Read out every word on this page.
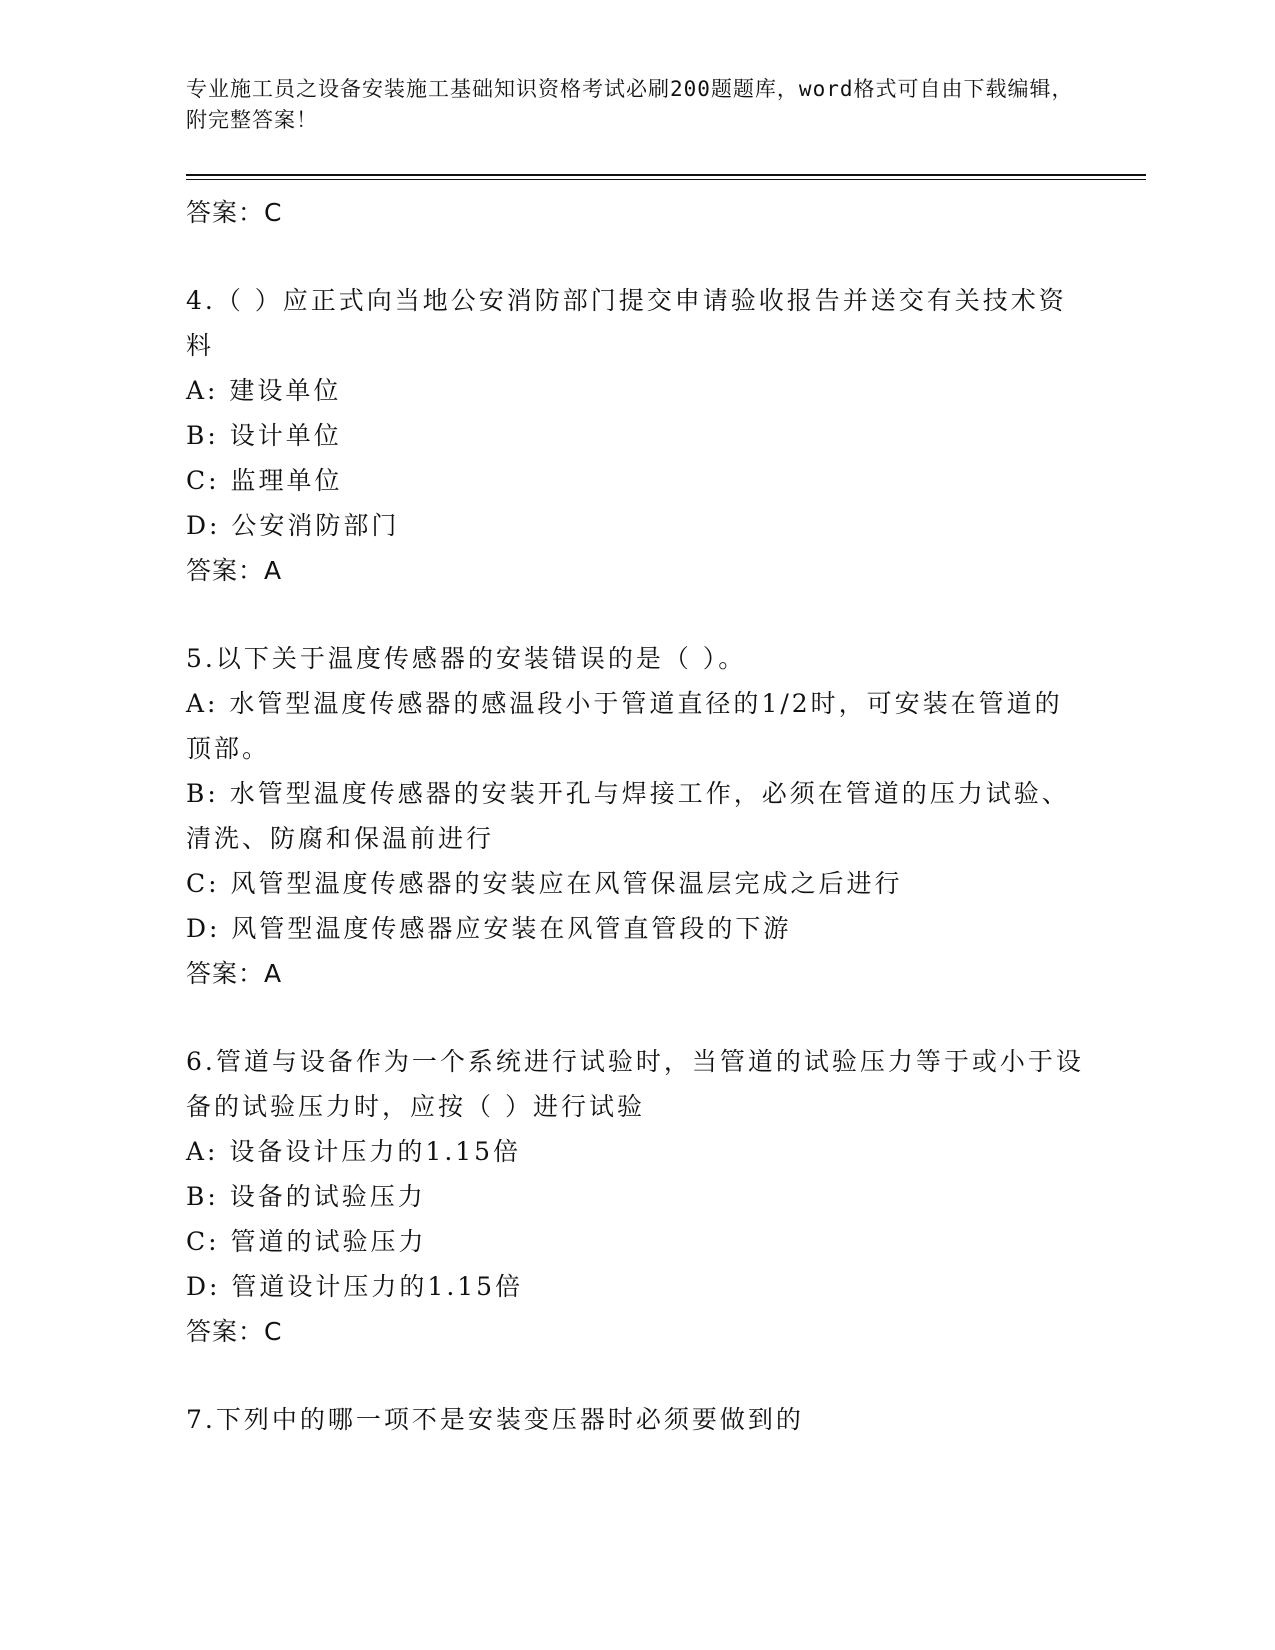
专业施工员之设备安装施工基础知识资格考试必刷200题题库，word格式可自由下载编辑，附完整答案！
答案：C
4.（ ）应正式向当地公安消防部门提交申请验收报告并送交有关技术资料
A: 建设单位
B: 设计单位
C: 监理单位
D: 公安消防部门
答案：A
5.以下关于温度传感器的安装错误的是（ ）。
A: 水管型温度传感器的感温段小于管道直径的1/2时，可安装在管道的顶部。
B: 水管型温度传感器的安装开孔与焊接工作，必须在管道的压力试验、清洗、防腐和保温前进行
C: 风管型温度传感器的安装应在风管保温层完成之后进行
D: 风管型温度传感器应安装在风管直管段的下游
答案：A
6.管道与设备作为一个系统进行试验时，当管道的试验压力等于或小于设备的试验压力时，应按（ ）进行试验
A: 设备设计压力的1.15倍
B: 设备的试验压力
C: 管道的试验压力
D: 管道设计压力的1.15倍
答案：C
7.下列中的哪一项不是安装变压器时必须要做到的
